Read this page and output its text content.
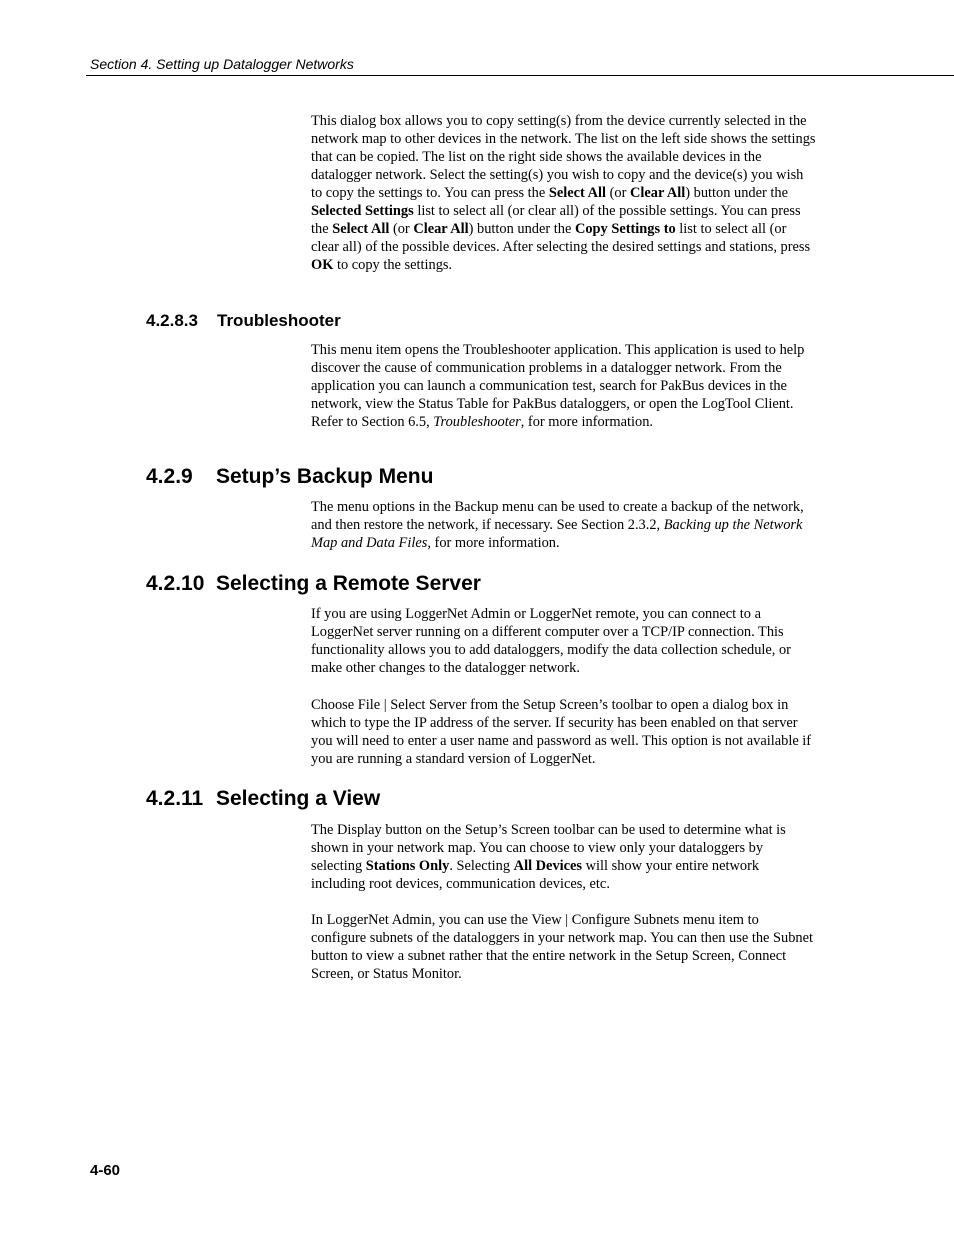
Section 4. Setting up Datalogger Networks

This dialog box allows you to copy setting(s) from the device currently selected in the network map to other devices in the network. The list on the left side shows the settings that can be copied. The list on the right side shows the available devices in the datalogger network. Select the setting(s) you wish to copy and the device(s) you wish to copy the settings to. You can press the Select All (or Clear All) button under the Selected Settings list to select all (or clear all) of the possible settings. You can press the Select All (or Clear All) button under the Copy Settings to list to select all (or clear all) of the possible devices. After selecting the desired settings and stations, press OK to copy the settings.

4.2.8.3 Troubleshooter

This menu item opens the Troubleshooter application. This application is used to help discover the cause of communication problems in a datalogger network. From the application you can launch a communication test, search for PakBus devices in the network, view the Status Table for PakBus dataloggers, or open the LogTool Client. Refer to Section 6.5, Troubleshooter, for more information.

4.2.9 Setup’s Backup Menu

The menu options in the Backup menu can be used to create a backup of the network, and then restore the network, if necessary. See Section 2.3.2, Backing up the Network Map and Data Files, for more information.

4.2.10 Selecting a Remote Server

If you are using LoggerNet Admin or LoggerNet remote, you can connect to a LoggerNet server running on a different computer over a TCP/IP connection. This functionality allows you to add dataloggers, modify the data collection schedule, or make other changes to the datalogger network.

Choose File | Select Server from the Setup Screen’s toolbar to open a dialog box in which to type the IP address of the server. If security has been enabled on that server you will need to enter a user name and password as well. This option is not available if you are running a standard version of LoggerNet.

4.2.11 Selecting a View

The Display button on the Setup’s Screen toolbar can be used to determine what is shown in your network map. You can choose to view only your dataloggers by selecting Stations Only. Selecting All Devices will show your entire network including root devices, communication devices, etc.

In LoggerNet Admin, you can use the View | Configure Subnets menu item to configure subnets of the dataloggers in your network map. You can then use the Subnet button to view a subnet rather that the entire network in the Setup Screen, Connect Screen, or Status Monitor.

4-60
